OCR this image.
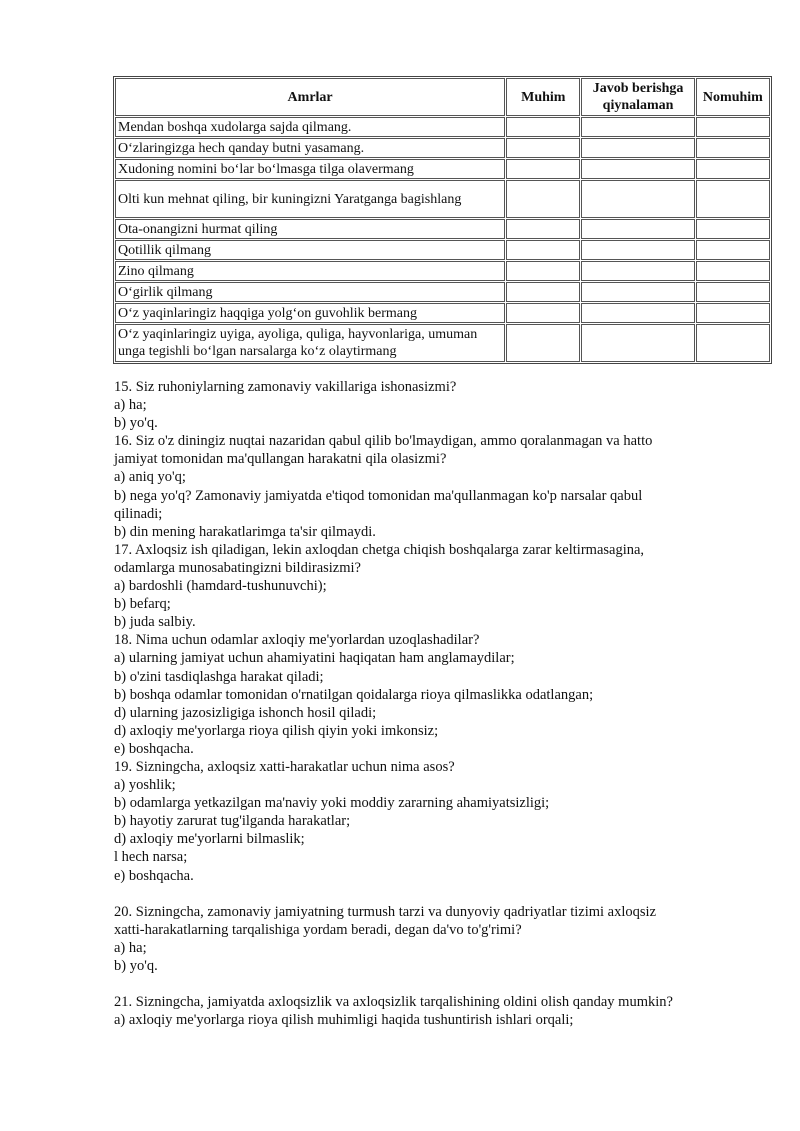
Amrlar	Muhim	Javob berishga qiynalaman	Nomuhim
Mendan boshqa xudolarga sajda qilmang.			
O‘zlaringizga hech qanday butni yasamang.			
Xudoning nomini bo‘lar bo‘lmasga tilga olavermang			
Olti kun mehnat qiling, bir kuningizni Yaratganga bagishlang			
Ota-onangizni hurmat qiling			
Qotillik qilmang			
Zino qilmang			
O‘girlik qilmang			
O‘z yaqinlaringiz haqqiga yolg‘on guvohlik bermang			
O‘z yaqinlaringiz uyiga, ayoliga, quliga, hayvonlariga, umuman unga tegishli bo‘lgan narsalarga ko‘z olaytirmang			

15. Siz ruhoniylarning zamonaviy vakillariga ishonasizmi?

a) ha;

b) yo'q.

16. Siz o'z diningiz nuqtai nazaridan qabul qilib bo'lmaydigan, ammo qoralanmagan va hatto

jamiyat tomonidan ma'qullangan harakatni qila olasizmi?

a) aniq yo'q;

b) nega yo'q? Zamonaviy jamiyatda e'tiqod tomonidan ma'qullanmagan ko'p narsalar qabul

qilinadi;

b) din mening harakatlarimga ta'sir qilmaydi.

17. Axloqsiz ish qiladigan, lekin axloqdan chetga chiqish boshqalarga zarar keltirmasagina,

odamlarga munosabatingizni bildirasizmi?

a) bardoshli (hamdard-tushunuvchi);

b) befarq;

b) juda salbiy.

18. Nima uchun odamlar axloqiy me'yorlardan uzoqlashadilar?

a) ularning jamiyat uchun ahamiyatini haqiqatan ham anglamaydilar;

b) o'zini tasdiqlashga harakat qiladi;

b) boshqa odamlar tomonidan o'rnatilgan qoidalarga rioya qilmaslikka odatlangan;

d) ularning jazosizligiga ishonch hosil qiladi;

d) axloqiy me'yorlarga rioya qilish qiyin yoki imkonsiz;

e) boshqacha.

19. Sizningcha, axloqsiz xatti-harakatlar uchun nima asos?

a) yoshlik;

b) odamlarga yetkazilgan ma'naviy yoki moddiy zararning ahamiyatsizligi;

b) hayotiy zarurat tug'ilganda harakatlar;

d) axloqiy me'yorlarni bilmaslik;

l hech narsa;

e) boshqacha.

20. Sizningcha, zamonaviy jamiyatning turmush tarzi va dunyoviy qadriyatlar tizimi axloqsiz

xatti-harakatlarning tarqalishiga yordam beradi, degan da'vo to'g'rimi?

a) ha;

b) yo'q.

21. Sizningcha, jamiyatda axloqsizlik va axloqsizlik tarqalishining oldini olish qanday mumkin?

a) axloqiy me'yorlarga rioya qilish muhimligi haqida tushuntirish ishlari orqali;
